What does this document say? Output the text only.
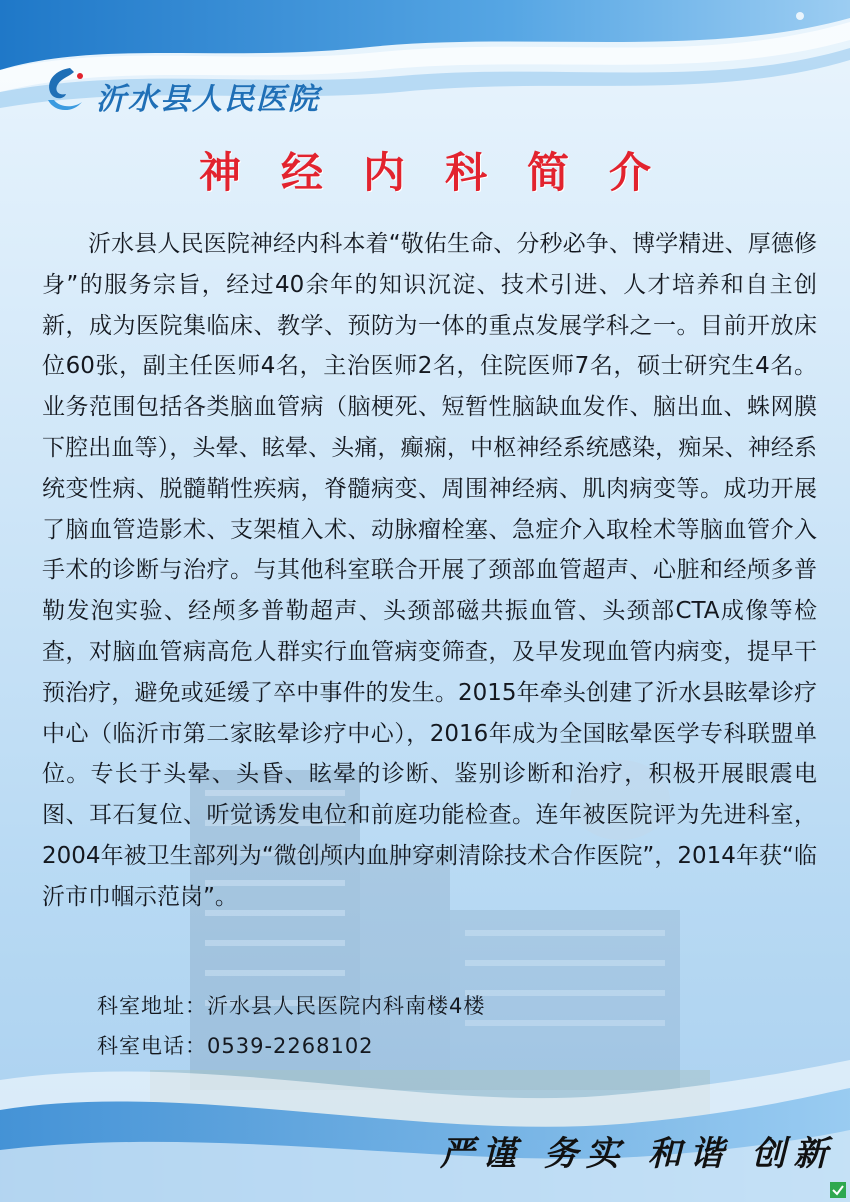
沂水县人民医院
神经内科简介

沂水县人民医院神经内科本着“敬佑生命、分秒必争、博学精进、厚德修身”的服务宗旨，经过40余年的知识沉淀、技术引进、人才培养和自主创新，成为医院集临床、教学、预防为一体的重点发展学科之一。目前开放床位60张，副主任医师4名，主治医师2名，住院医师7名，硕士研究生4名。业务范围包括各类脑血管病（脑梗死、短暂性脑缺血发作、脑出血、蛛网膜下腔出血等），头晕、眩晕、头痛，癫痫，中枢神经系统感染，痴呆、神经系统变性病、脱髓鞘性疾病，脊髓病变、周围神经病、肌肉病变等。成功开展了脑血管造影术、支架植入术、动脉瘤栓塞、急症介入取栓术等脑血管介入手术的诊断与治疗。与其他科室联合开展了颈部血管超声、心脏和经颅多普勒发泡实验、经颅多普勒超声、头颈部磁共振血管、头颈部CTA成像等检查，对脑血管病高危人群实行血管病变筛查，及早发现血管内病变，提早干预治疗，避免或延缓了卒中事件的发生。2015年牵头创建了沂水县眩晕诊疗中心（临沂市第二家眩晕诊疗中心），2016年成为全国眩晕医学专科联盟单位。专长于头晕、头昏、眩晕的诊断、鉴别诊断和治疗，积极开展眼震电图、耳石复位、听觉诱发电位和前庭功能检查。连年被医院评为先进科室，2004年被卫生部列为“微创颅内血肿穿刺清除技术合作医院”，2014年获“临沂市巾帼示范岗”。

科室地址：沂水县人民医院内科南楼4楼
科室电话：0539-2268102
严谨 务实 和谐 创新
